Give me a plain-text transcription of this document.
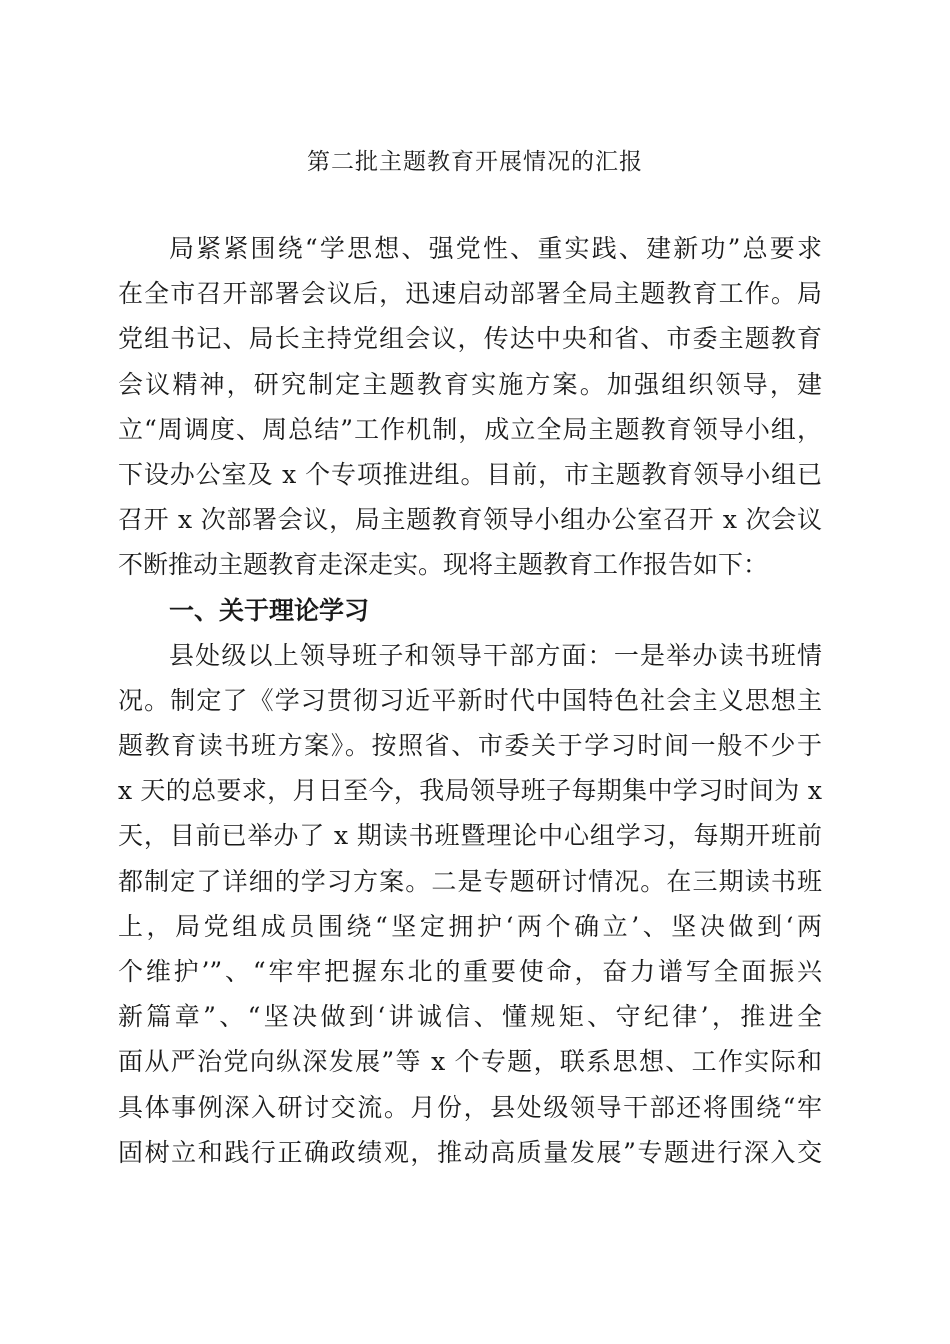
第二批主题教育开展情况的汇报
局紧紧围绕“学思想、强党性、重实践、建新功”总要求
在全市召开部署会议后，迅速启动部署全局主题教育工作。局
党组书记、局长主持党组会议，传达中央和省、市委主题教育
会议精神，研究制定主题教育实施方案。加强组织领导，建
立“周调度、周总结”工作机制，成立全局主题教育领导小组，
下设办公室及 x 个专项推进组。目前，市主题教育领导小组已
召开 x 次部署会议，局主题教育领导小组办公室召开 x 次会议
不断推动主题教育走深走实。现将主题教育工作报告如下：
一、关于理论学习
县处级以上领导班子和领导干部方面：一是举办读书班情
况。制定了《学习贯彻习近平新时代中国特色社会主义思想主
题教育读书班方案》。按照省、市委关于学习时间一般不少于
x 天的总要求，月日至今，我局领导班子每期集中学习时间为 x
天，目前已举办了 x 期读书班暨理论中心组学习，每期开班前
都制定了详细的学习方案。二是专题研讨情况。在三期读书班
上，局党组成员围绕“坚定拥护‘两个确立’、坚决做到‘两
个维护’”、“牢牢把握东北的重要使命，奋力谱写全面振兴
新篇章”、“坚决做到‘讲诚信、懂规矩、守纪律’，推进全
面从严治党向纵深发展”等 x 个专题，联系思想、工作实际和
具体事例深入研讨交流。月份，县处级领导干部还将围绕“牢
固树立和践行正确政绩观，推动高质量发展”专题进行深入交
